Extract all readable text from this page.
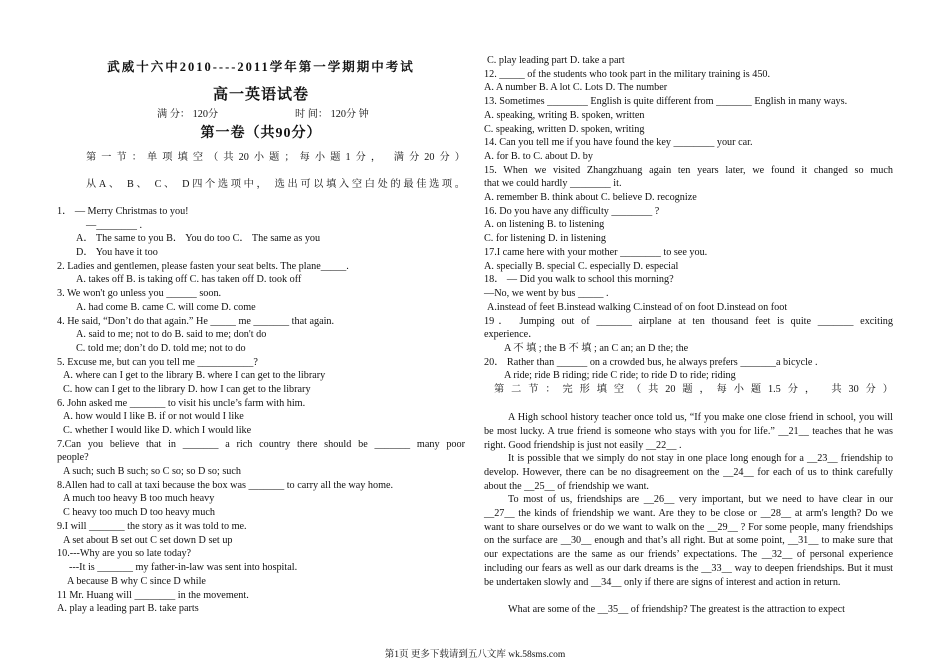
武威十六中2010----2011学年第一学期期中考试
高一英语试卷
满 分： 120分	时 间： 120分 钟
第一卷（共90分）
第一节：单项填空（共20小题；每小题1分， 满分20分）
从A、 B、 C、 D四个选项中， 选出可以填入空白处的最佳选项。
1． — Merry Christmas to you!
—________ .
A． The same to you B． You do too C． The same as you
D． You have it too
2. Ladies and gentlemen, please fasten your seat belts. The plane_____.
A. takes off B. is taking off C. has taken off D. took off
3. We won't go unless you ______ soon.
A. had come B. came C. will come D. come
4. He said, “Don’t do that again.” He _____ me _______ that again.
A. said to me; not to do B. said to me; don't do
C. told me; don’t do D. told me; not to do
5. Excuse me, but can you tell me ___________?
A. where can I get to the library B. where I can get to the library
C. how can I get to the library D. how I can get to the library
6. John asked me _______ to visit his uncle’s farm with him.
A. how would I like B. if or not would I like
C. whether I would like D. which I would like
7.Can you believe that in _______ a rich country there should be _______ many poor
people?
A such; such B such; so C so; so D so; such
8.Allen had to call at taxi because the box was _______ to carry all the way home.
A much too heavy B too much heavy
C heavy too much D too heavy much
9.I will _______ the story as it was told to me.
A set about B set out C set down D set up
10.---Why are you so late today?
---It is _______ my father-in-law was sent into hospital.
A because B why C since D while
11 Mr. Huang will ________ in the movement.
A. play a leading part B. take parts
C. play leading part D. take a part
12. _____ of the students who took part in the military training is 450.
A. A number B. A lot C. Lots D. The number
13. Sometimes ________ English is quite different from _______ English in many ways.
A. speaking, writing B. spoken, written
C. speaking, written D. spoken, writing
14. Can you tell me if you have found the key ________ your car.
A. for B. to C. about D. by
15. When we visited Zhangzhuang again ten years later, we found it changed so much
that we could hardly ________ it.
A. remember B. think about C. believe D. recognize
16. Do you have any difficulty ________ ?
A. on listening B. to listening
C. for listening D. in listening
17.I came here with your mother ________ to see you.
A. specially B. special C. especially D. especial
18． — Did you walk to school this morning?
—No, we went by bus _____ .
A.instead of feet B.instead walking C.instead of on foot D.instead on foot
19． Jumping out of _______ airplane at ten thousand feet is quite _______ exciting
experience．
A 不 填 ; the B 不 填 ; an C an; an D the; the
20． Rather than ______ on a crowded bus, he always prefers _______a bicycle .
A ride; ride B riding; ride C ride; to ride D to ride; riding
第二节：完形填空（共20题，每小题1.5分， 共30分）
A High school history teacher once told us, “If you make one close friend in school, you will be most lucky. A true friend is someone who stays with you for life.” __21__ teaches that he was right. Good friendship is just not easily __22__ .
It is possible that we simply do not stay in one place long enough for a __23__ friendship to develop. However, there can be no disagreement on the __24__ for each of us to think carefully about the __25__ of friendship we want.
To most of us, friendships are __26__ very important, but we need to have clear in our __27__ the kinds of friendship we want. Are they to be close or __28__ at arm's length? Do we want to share ourselves or do we want to walk on the __29__ ? For some people, many friendships on the surface are __30__ enough and that’s all right. But at some point, __31__ to make sure that our expectations are the same as our friends’ expectations. The __32__ of personal experience including our fears as well as our dark dreams is the __33__ way to deepen friendships. But it must be undertaken slowly and __34__ only if there are signs of interest and action in return.
What are some of the __35__ of friendship? The greatest is the attraction to expect
第1页 更多下载请到五八文库 wk.58sms.com
